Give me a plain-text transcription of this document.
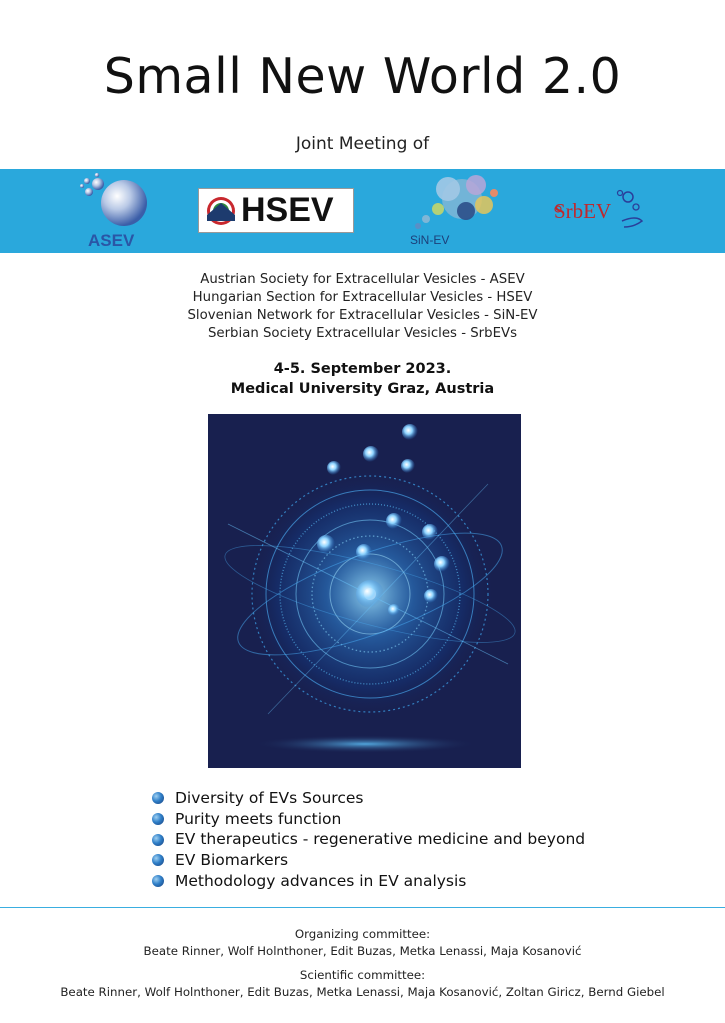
Small New World 2.0
Joint Meeting of
ASEV
HSEV
SiN-EV
SrbEV
Austrian Society for Extracellular Vesicles - ASEV
Hungarian Section for Extracellular Vesicles - HSEV
Slovenian Network for Extracellular Vesicles - SiN-EV
Serbian Society Extracellular Vesicles - SrbEVs
4-5. September 2023.
Medical University Graz, Austria
Diversity of EVs Sources
Purity meets function
EV therapeutics - regenerative medicine and beyond
EV Biomarkers
Methodology advances in EV analysis
Organizing committee:
Beate Rinner, Wolf Holnthoner, Edit Buzas, Metka Lenassi, Maja Kosanović
Scientific committee:
Beate Rinner, Wolf Holnthoner, Edit Buzas, Metka Lenassi, Maja Kosanović, Zoltan Giricz, Bernd Giebel
